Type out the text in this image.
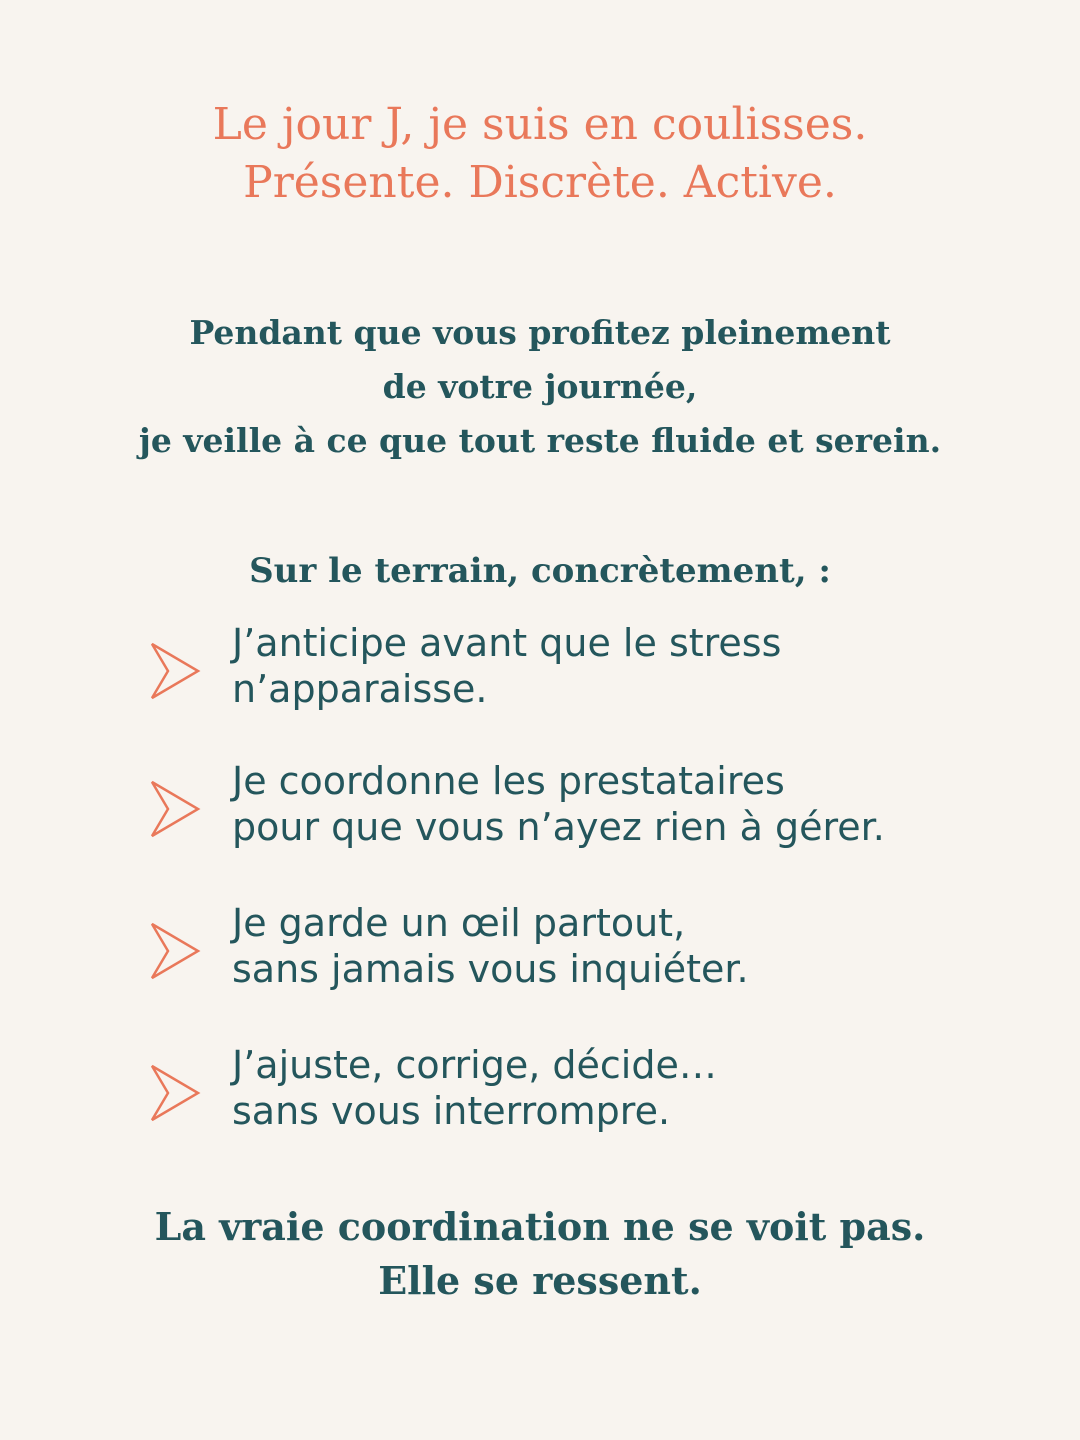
Le jour J, je suis en coulisses.
Présente. Discrète. Active.
Pendant que vous profitez pleinement
de votre journée,
je veille à ce que tout reste fluide et serein.
Sur le terrain, concrètement, :
J’anticipe avant que le stress
n’apparaisse.
Je coordonne les prestataires
pour que vous n’ayez rien à gérer.
Je garde un œil partout,
sans jamais vous inquiéter.
J’ajuste, corrige, décide…
sans vous interrompre.
La vraie coordination ne se voit pas.
Elle se ressent.
